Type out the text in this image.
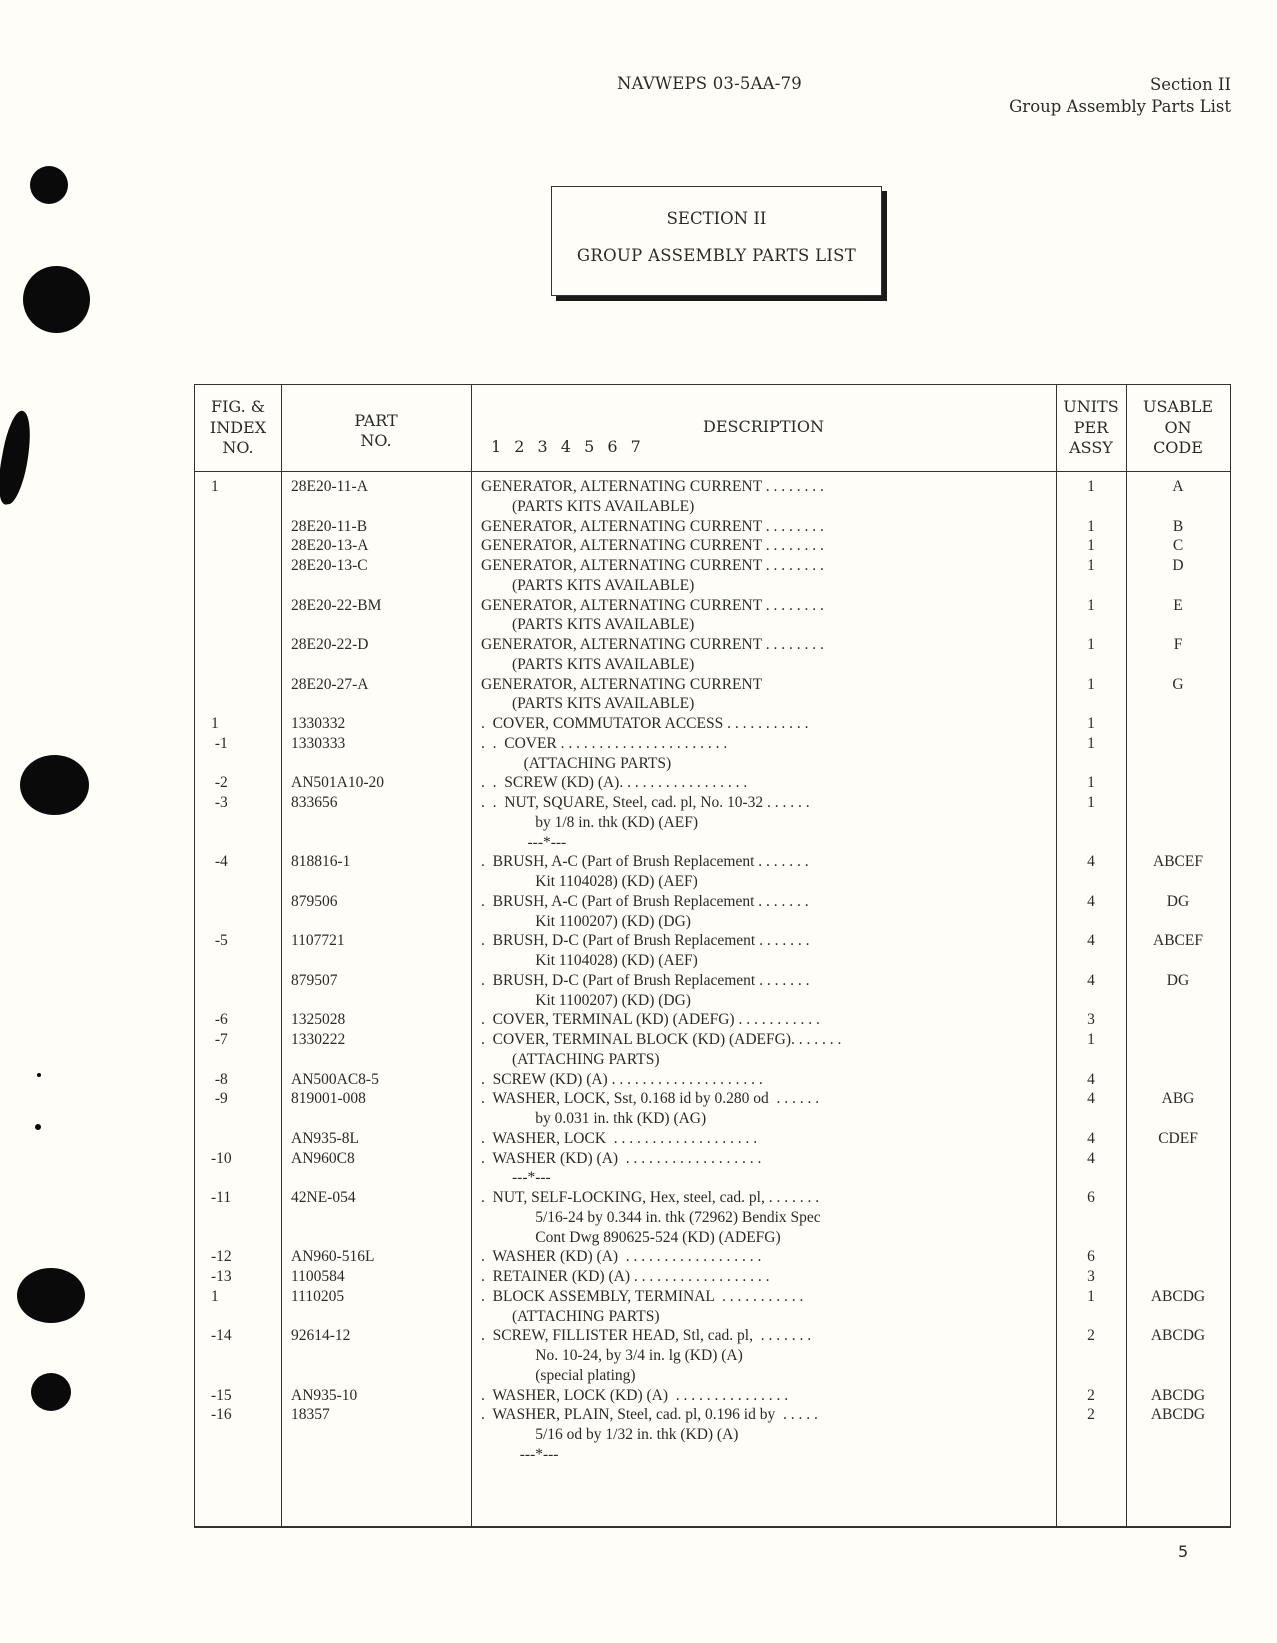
NAVWEPS 03-5AA-79	Section II
Group Assembly Parts List
SECTION II
GROUP ASSEMBLY PARTS LIST
FIG. &
INDEX
NO.
PART
NO.
DESCRIPTION
1 2 3 4 5 6 7
UNITS
PER
ASSY
USABLE
ON
CODE
1	28E20-11-A	GENERATOR, ALTERNATING CURRENT . . . . . . . .	1	A
(PARTS KITS AVAILABLE)
28E20-11-B	GENERATOR, ALTERNATING CURRENT . . . . . . . .	1	B
28E20-13-A	GENERATOR, ALTERNATING CURRENT . . . . . . . .	1	C
28E20-13-C	GENERATOR, ALTERNATING CURRENT . . . . . . . .	1	D
(PARTS KITS AVAILABLE)
28E20-22-BM	GENERATOR, ALTERNATING CURRENT . . . . . . . .	1	E
(PARTS KITS AVAILABLE)
28E20-22-D	GENERATOR, ALTERNATING CURRENT . . . . . . . .	1	F
(PARTS KITS AVAILABLE)
28E20-27-A	GENERATOR, ALTERNATING CURRENT	1	G
(PARTS KITS AVAILABLE)
1	1330332	.  COVER, COMMUTATOR ACCESS . . . . . . . . . . .	1
-1	1330333	.  .  COVER . . . . . . . . . . . . . . . . . . . . . .	1
(ATTACHING PARTS)
-2	AN501A10-20	.  .  SCREW (KD) (A). . . . . . . . . . . . . . . . .	1
-3	833656	.  .  NUT, SQUARE, Steel, cad. pl, No. 10-32 . . . . . .	1
by 1/8 in. thk (KD) (AEF)
---*---
-4	818816-1	.  BRUSH, A-C (Part of Brush Replacement . . . . . . .	4	ABCEF
Kit 1104028) (KD) (AEF)
879506	.  BRUSH, A-C (Part of Brush Replacement . . . . . . .	4	DG
Kit 1100207) (KD) (DG)
-5	1107721	.  BRUSH, D-C (Part of Brush Replacement . . . . . . .	4	ABCEF
Kit 1104028) (KD) (AEF)
879507	.  BRUSH, D-C (Part of Brush Replacement . . . . . . .	4	DG
Kit 1100207) (KD) (DG)
-6	1325028	.  COVER, TERMINAL (KD) (ADEFG) . . . . . . . . . . .	3
-7	1330222	.  COVER, TERMINAL BLOCK (KD) (ADEFG). . . . . . .	1
(ATTACHING PARTS)
-8	AN500AC8-5	.  SCREW (KD) (A) . . . . . . . . . . . . . . . . . . . .	4
-9	819001-008	.  WASHER, LOCK, Sst, 0.168 id by 0.280 od  . . . . . .	4	ABG
by 0.031 in. thk (KD) (AG)
AN935-8L	.  WASHER, LOCK  . . . . . . . . . . . . . . . . . . .	4	CDEF
-10	AN960C8	.  WASHER (KD) (A)  . . . . . . . . . . . . . . . . . .	4
---*---
-11	42NE-054	.  NUT, SELF-LOCKING, Hex, steel, cad. pl, . . . . . . .	6
5/16-24 by 0.344 in. thk (72962) Bendix Spec
Cont Dwg 890625-524 (KD) (ADEFG)
-12	AN960-516L	.  WASHER (KD) (A)  . . . . . . . . . . . . . . . . . .	6
-13	1100584	.  RETAINER (KD) (A) . . . . . . . . . . . . . . . . . .	3
1	1110205	.  BLOCK ASSEMBLY, TERMINAL  . . . . . . . . . . .	1	ABCDG
(ATTACHING PARTS)
-14	92614-12	.  SCREW, FILLISTER HEAD, Stl, cad. pl,  . . . . . . .	2	ABCDG
No. 10-24, by 3/4 in. lg (KD) (A)
(special plating)
-15	AN935-10	.  WASHER, LOCK (KD) (A)  . . . . . . . . . . . . . . .	2	ABCDG
-16	18357	.  WASHER, PLAIN, Steel, cad. pl, 0.196 id by  . . . . .	2	ABCDG
5/16 od by 1/32 in. thk (KD) (A)
---*---
5
